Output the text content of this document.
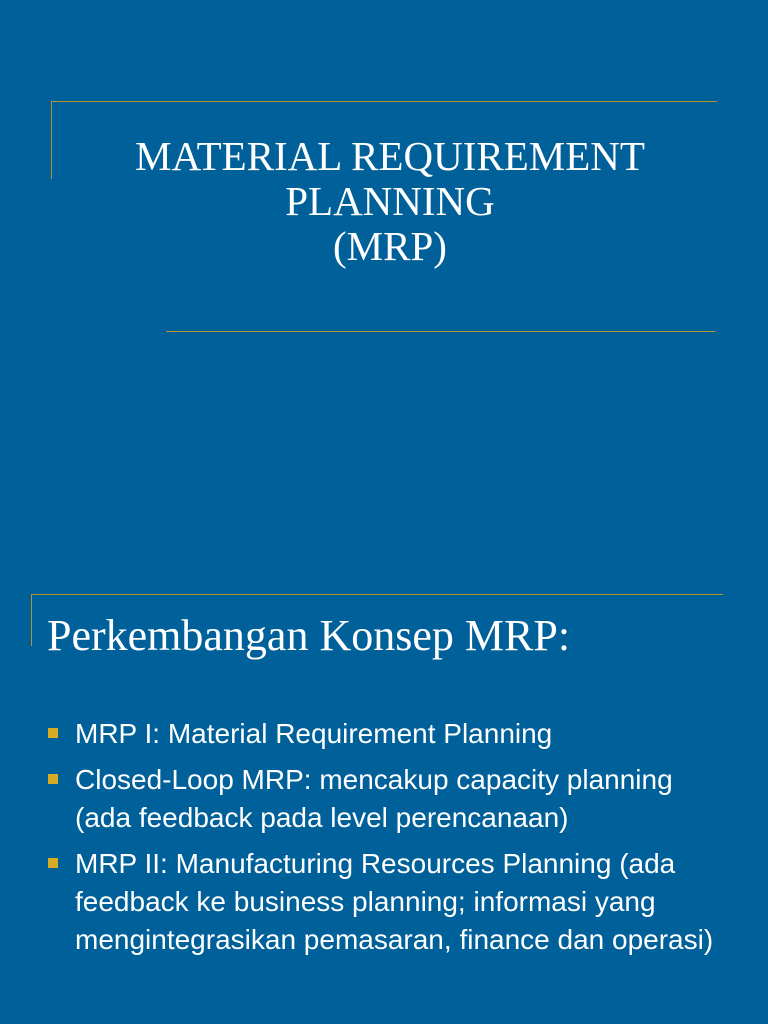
MATERIAL REQUIREMENT
PLANNING
(MRP)
Perkembangan Konsep MRP:
MRP I: Material Requirement Planning
Closed-Loop MRP: mencakup capacity planning (ada feedback pada level perencanaan)
MRP II: Manufacturing Resources Planning (ada feedback ke business planning; informasi yang mengintegrasikan pemasaran, finance dan operasi)
